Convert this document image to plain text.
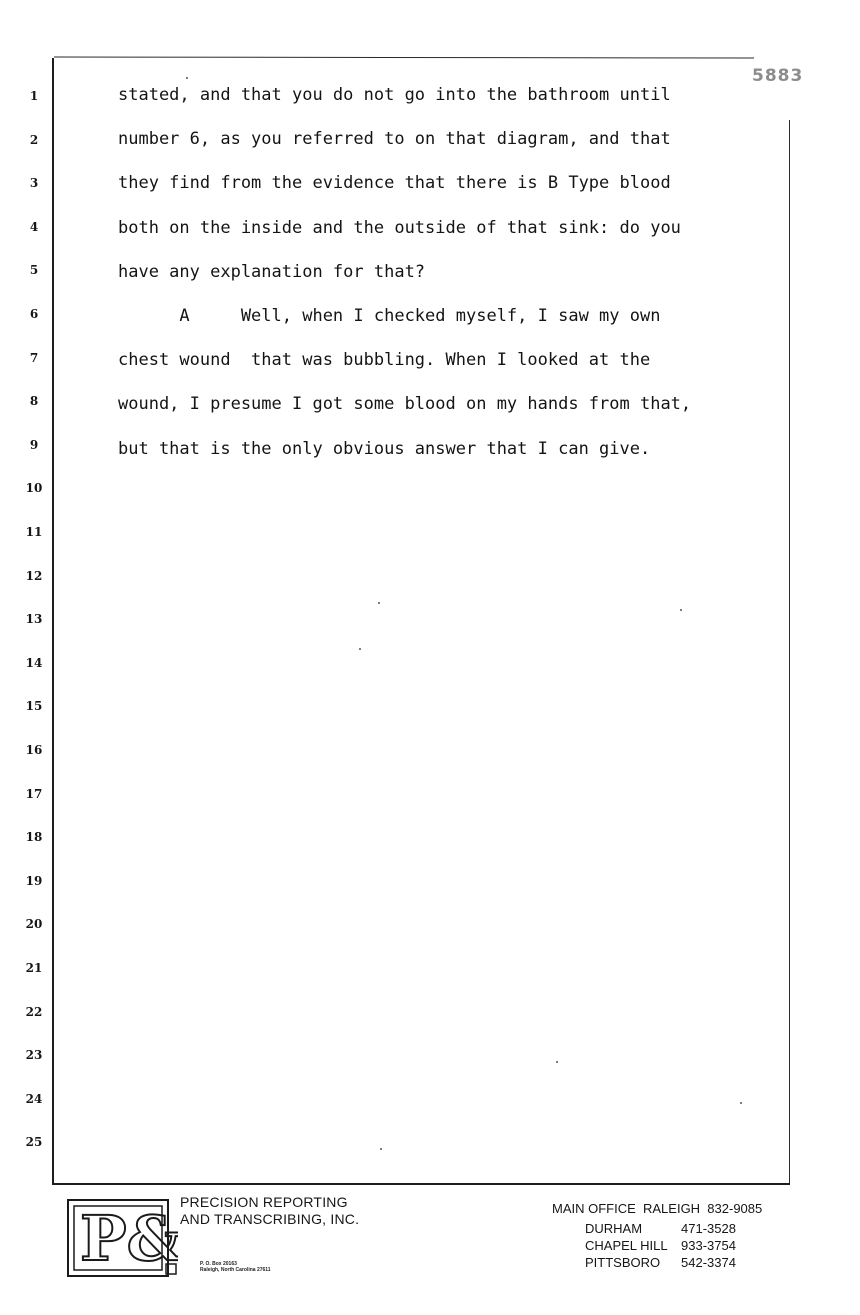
5883
1
2
3
4
5
6
7
8
9
10
11
12
13
14
15
16
17
18
19
20
21
22
23
24
25
stated, and that you do not go into the bathroom until
number 6, as you referred to on that diagram, and that
they find from the evidence that there is B Type blood
both on the inside and the outside of that sink: do you
have any explanation for that?
A     Well, when I checked myself, I saw my own
chest wound  that was bubbling. When I looked at the
wound, I presume I got some blood on my hands from that,
but that is the only obvious answer that I can give.
P&
PRECISION REPORTING
AND TRANSCRIBING, INC.
P. O. Box 20163
Raleigh, North Carolina 27611
MAIN OFFICE  RALEIGH  832-9085
DURHAM	471-3528
CHAPEL HILL 933-3754
PITTSBORO 542-3374
